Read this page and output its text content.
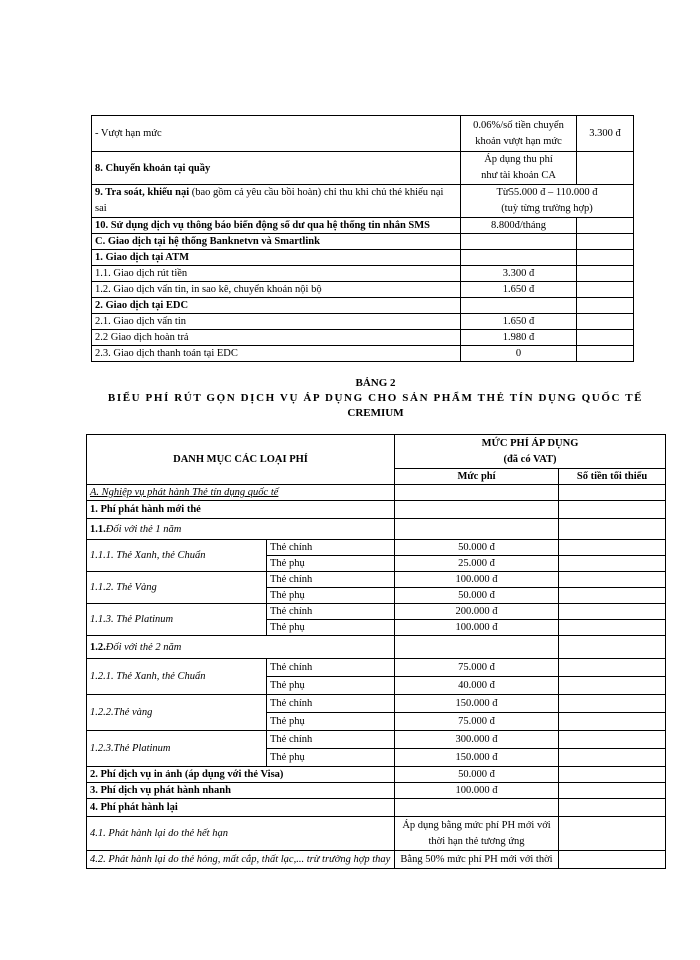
- Vượt hạn mức	0.06%/số tiền chuyển
khoản vượt hạn mức	3.300 đ
8. Chuyển khoản tại quầy	Áp dụng thu phí
như tài khoản CA	
9. Tra soát, khiếu nại (bao gồm cả yêu cầu bồi hoàn) chỉ thu khi chủ thẻ khiếu nại
sai	Từ55.000 đ – 110.000 đ
(tuỳ từng trường hợp)	
10. Sử dụng dịch vụ thông báo biến động số dư qua hệ thống tin nhắn SMS	8.800đ/tháng	
C. Giao dịch tại hệ thống Banknetvn và Smartlink		
1. Giao dịch tại ATM		
1.1. Giao dịch rút tiền	3.300 đ	
1.2. Giao dịch vấn tin, in sao kê, chuyển khoản nội bộ	1.650 đ	
2. Giao dịch tại EDC		
2.1. Giao dịch vấn tin	1.650 đ	
2.2 Giao dịch hoàn trả	1.980 đ	
2.3. Giao dịch thanh toán tại EDC	0	
BẢNG 2
BIỂU PHÍ RÚT GỌN DỊCH VỤ ÁP DỤNG CHO SẢN PHẨM THẺ TÍN DỤNG QUỐC TẾ
CREMIUM
DANH MỤC CÁC LOẠI PHÍ		MỨC PHÍ ÁP DỤNG
(đã có VAT)	
		Mức phí	Số tiền tối thiểu
A. Nghiệp vụ phát hành Thẻ tín dụng quốc tế			
1. Phí phát hành mới thẻ			
1.1.Đối với thẻ 1 năm			
1.1.1. Thẻ Xanh, thẻ Chuẩn	Thẻ chính	50.000 đ	
	Thẻ phụ	25.000 đ	
1.1.2. Thẻ Vàng	Thẻ chính	100.000 đ	
	Thẻ phụ	50.000 đ	
1.1.3. Thẻ Platinum	Thẻ chính	200.000 đ	
	Thẻ phụ	100.000 đ	
1.2.Đối với thẻ 2 năm			
1.2.1. Thẻ Xanh, thẻ Chuẩn	Thẻ chính	75.000 đ	
	Thẻ phụ	40.000 đ	
1.2.2.Thẻ vàng	Thẻ chính	150.000 đ	
	Thẻ phụ	75.000 đ	
1.2.3.Thẻ Platinum	Thẻ chính	300.000 đ	
	Thẻ phụ	150.000 đ	
2. Phí dịch vụ in ảnh (áp dụng với thẻ Visa)		50.000 đ	
3. Phí dịch vụ phát hành nhanh		100.000 đ	
4. Phí phát hành lại			
4.1. Phát hành lại do thẻ hết hạn		Áp dụng bằng mức phí PH mới với
thời hạn thẻ tương ứng	
4.2. Phát hành lại do thẻ hỏng, mất cắp, thất lạc,... trừ trường hợp thay		Bằng 50% mức phí PH mới với thời	
